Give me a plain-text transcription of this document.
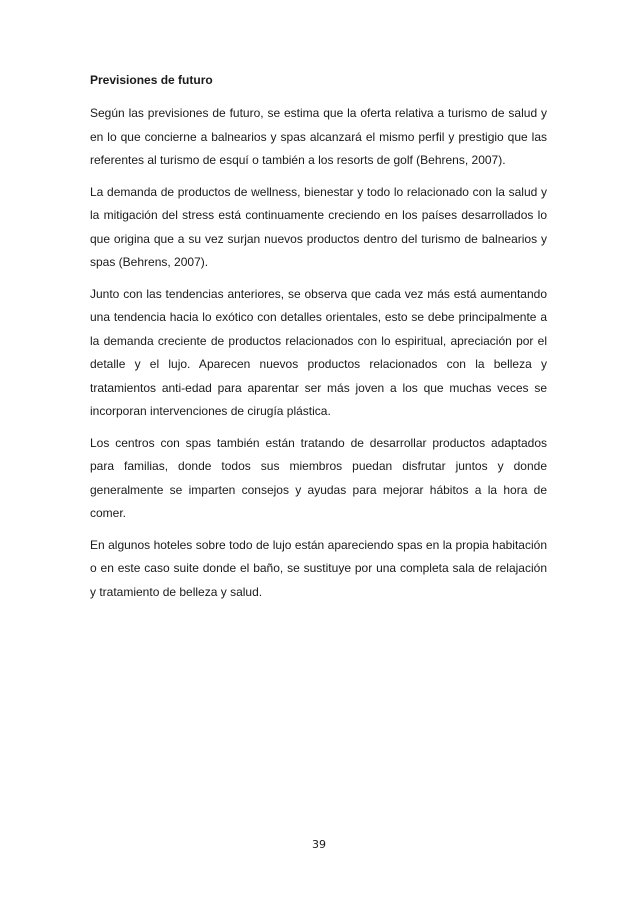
Previsiones de futuro

Según las previsiones de futuro, se estima que la oferta relativa a turismo de salud y en lo que concierne a balnearios y spas alcanzará el mismo perfil y prestigio que las referentes al turismo de esquí o también a los resorts de golf (Behrens, 2007).

La demanda de productos de wellness, bienestar y todo lo relacionado con la salud y la mitigación del stress está continuamente creciendo en los países desarrollados lo que origina que a su vez surjan nuevos productos dentro del turismo de balnearios y spas (Behrens, 2007).

Junto con las tendencias anteriores, se observa que cada vez más está aumentando una tendencia hacia lo exótico con detalles orientales, esto se debe principalmente a la demanda creciente de productos relacionados con lo espiritual, apreciación por el detalle y el lujo. Aparecen nuevos productos relacionados con la belleza y tratamientos anti-edad para aparentar ser más joven a los que muchas veces se incorporan intervenciones de cirugía plástica.

Los centros con spas también están tratando de desarrollar productos adaptados para familias, donde todos sus miembros puedan disfrutar juntos y donde generalmente se imparten consejos y ayudas para mejorar hábitos a la hora de comer.

En algunos hoteles sobre todo de lujo están apareciendo spas en la propia habitación o en este caso suite donde el baño, se sustituye por una completa sala de relajación y tratamiento de belleza y salud.

39
